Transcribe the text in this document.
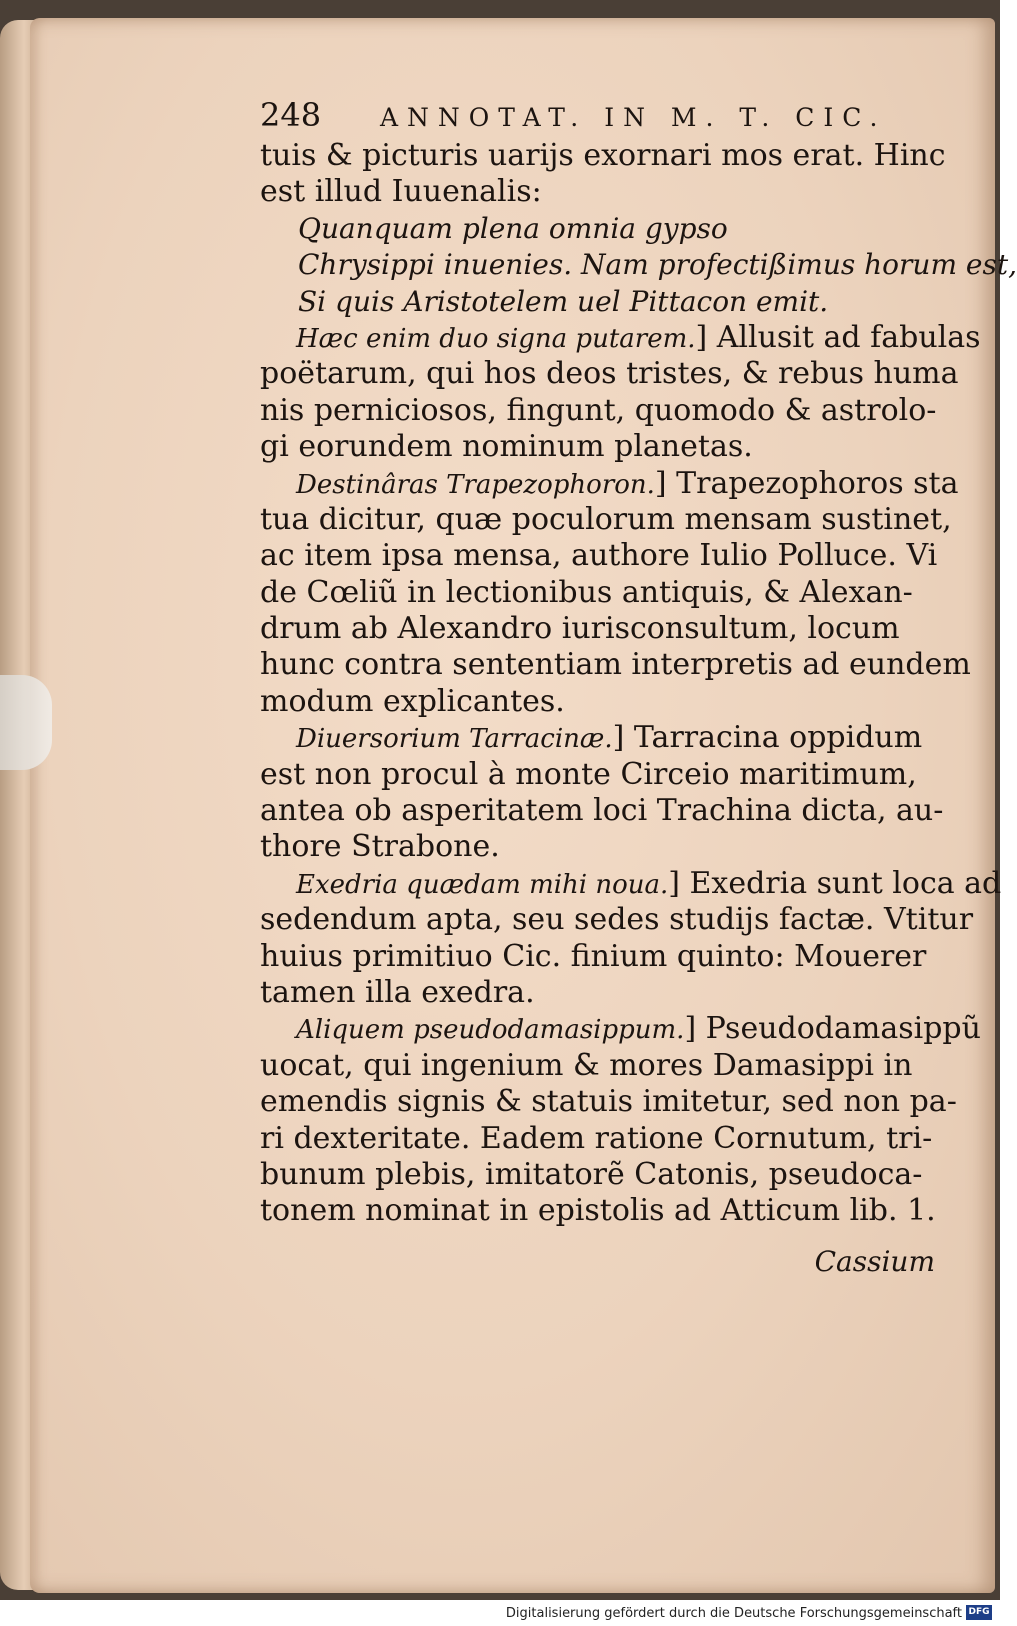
248	ANNOTAT. IN M. T. CIC.
tuis & picturis uarijs exornari mos erat. Hinc
est illud Iuuenalis:
Quanquam plena omnia gypso
Chrysippi inuenies. Nam profectißimus horum est,
Si quis Aristotelem uel Pittacon emit.
Hæc enim duo signa putarem.] Allusit ad fabulas
poëtarum, qui hos deos tristes, & rebus huma
nis perniciosos, fingunt, quomodo & astrolo-
gi eorundem nominum planetas.
Destinâras Trapezophoron.] Trapezophoros sta
tua dicitur, quæ poculorum mensam sustinet,
ac item ipsa mensa, authore Iulio Polluce. Vi
de Cœliũ in lectionibus antiquis, & Alexan-
drum ab Alexandro iurisconsultum, locum
hunc contra sententiam interpretis ad eundem
modum explicantes.
Diuersorium Tarracinæ.] Tarracina oppidum
est non procul à monte Circeio maritimum,
antea ob asperitatem loci Trachina dicta, au-
thore Strabone.
Exedria quædam mihi noua.] Exedria sunt loca ad
sedendum apta, seu sedes studijs factæ. Vtitur
huius primitiuo Cic. finium quinto: Mouerer
tamen illa exedra.
Aliquem pseudodamasippum.] Pseudodamasippũ
uocat, qui ingenium & mores Damasippi in
emendis signis & statuis imitetur, sed non pa-
ri dexteritate. Eadem ratione Cornutum, tri-
bunum plebis, imitatorẽ Catonis, pseudoca-
tonem nominat in epistolis ad Atticum lib. 1.
Cassium
Digitalisierung gefördert durch die Deutsche Forschungsgemeinschaft DFG
